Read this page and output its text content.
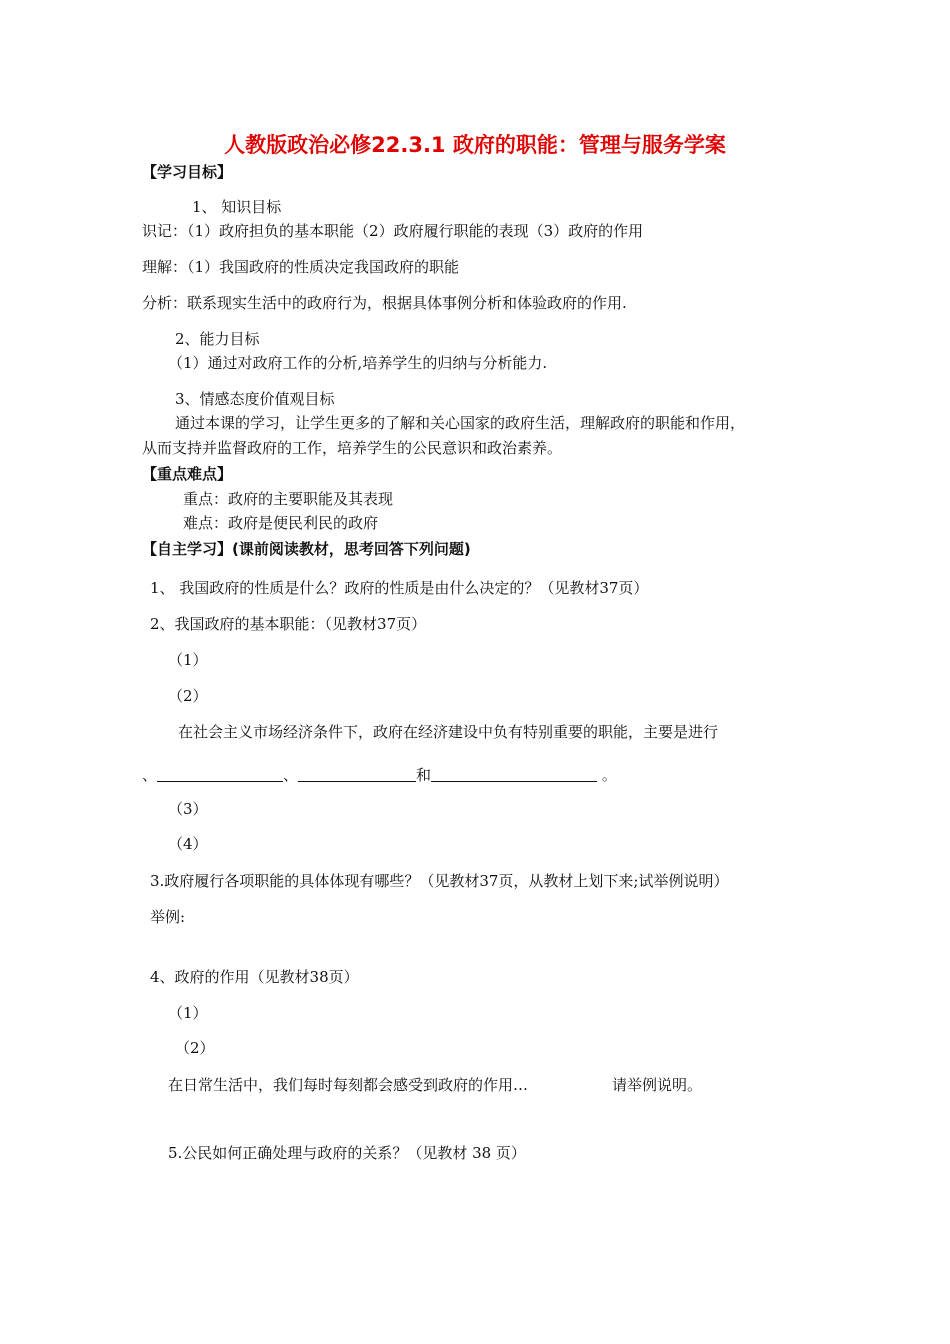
人教版政治必修22.3.1 政府的职能：管理与服务学案
【学习目标】
1、 知识目标
识记：（1）政府担负的基本职能（2）政府履行职能的表现（3）政府的作用
理解：（1）我国政府的性质决定我国政府的职能
分析：联系现实生活中的政府行为，根据具体事例分析和体验政府的作用.
2、能力目标
（1）通过对政府工作的分析,培养学生的归纳与分析能力.
3、情感态度价值观目标
通过本课的学习，让学生更多的了解和关心国家的政府生活，理解政府的职能和作用，
从而支持并监督政府的工作，培养学生的公民意识和政治素养。
【重点难点】
重点：政府的主要职能及其表现
难点：政府是便民利民的政府
【自主学习】(课前阅读教材，思考回答下列问题)
1、 我国政府的性质是什么？政府的性质是由什么决定的？（见教材37页）
2、我国政府的基本职能：（见教材37页）
（1）
（2）
在社会主义市场经济条件下，政府在经济建设中负有特别重要的职能，主要是进行
、	、	和	。
（3）
（4）
3.政府履行各项职能的具体体现有哪些？（见教材37页，从教材上划下来;试举例说明）
举例:
4、政府的作用（见教材38页）
（1）
（2）
在日常生活中，我们每时每刻都会感受到政府的作用…	请举例说明。
5.公民如何正确处理与政府的关系？（见教材 38 页）
